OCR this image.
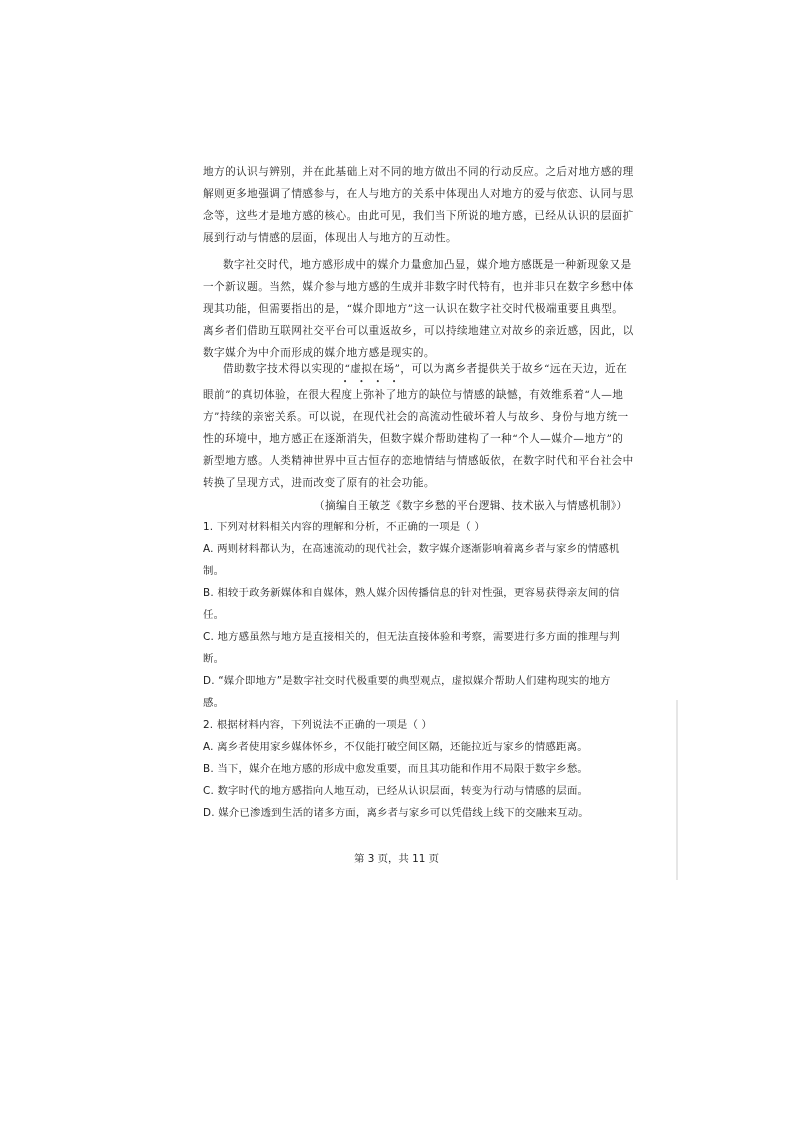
地方的认识与辨别，并在此基础上对不同的地方做出不同的行动反应。之后对地方感的理
解则更多地强调了情感参与，在人与地方的关系中体现出人对地方的爱与依恋、认同与思
念等，这些才是地方感的核心。由此可见，我们当下所说的地方感，已经从认识的层面扩
展到行动与情感的层面，体现出人与地方的互动性。
数字社交时代，地方感形成中的媒介力量愈加凸显，媒介地方感既是一种新现象又是
一个新议题。当然，媒介参与地方感的生成并非数字时代特有，也并非只在数字乡愁中体
现其功能，但需要指出的是，“媒介即地方”这一认识在数字社交时代极端重要且典型。
离乡者们借助互联网社交平台可以重返故乡，可以持续地建立对故乡的亲近感，因此，以
数字媒介为中介而形成的媒介地方感是现实的。
借助数字技术得以实现的“虚拟在场”，可以为离乡者提供关于故乡“远在天边，近在
• • • •
眼前”的真切体验，在很大程度上弥补了地方的缺位与情感的缺憾，有效维系着“人—地
方”持续的亲密关系。可以说，在现代社会的高流动性破坏着人与故乡、身份与地方统一
性的环境中，地方感正在逐渐消失，但数字媒介帮助建构了一种“个人—媒介—地方”的
新型地方感。人类精神世界中亘古恒存的恋地情结与情感皈依，在数字时代和平台社会中
转换了呈现方式，进而改变了原有的社会功能。
（摘编自王敏芝《数字乡愁的平台逻辑、技术嵌入与情感机制》）
1. 下列对材料相关内容的理解和分析，不正确的一项是（ ）
A. 两则材料都认为，在高速流动的现代社会，数字媒介逐渐影响着离乡者与家乡的情感机
制。
B. 相较于政务新媒体和自媒体，熟人媒介因传播信息的针对性强，更容易获得亲友间的信
任。
C. 地方感虽然与地方是直接相关的，但无法直接体验和考察，需要进行多方面的推理与判
断。
D. “媒介即地方”是数字社交时代极重要的典型观点，虚拟媒介帮助人们建构现实的地方
感。
2. 根据材料内容，下列说法不正确的一项是（ ）
A. 离乡者使用家乡媒体怀乡，不仅能打破空间区隔，还能拉近与家乡的情感距离。
B. 当下，媒介在地方感的形成中愈发重要，而且其功能和作用不局限于数字乡愁。
C. 数字时代的地方感指向人地互动，已经从认识层面，转变为行动与情感的层面。
D. 媒介已渗透到生活的诸多方面，离乡者与家乡可以凭借线上线下的交融来互动。
第 3 页，共 11 页
